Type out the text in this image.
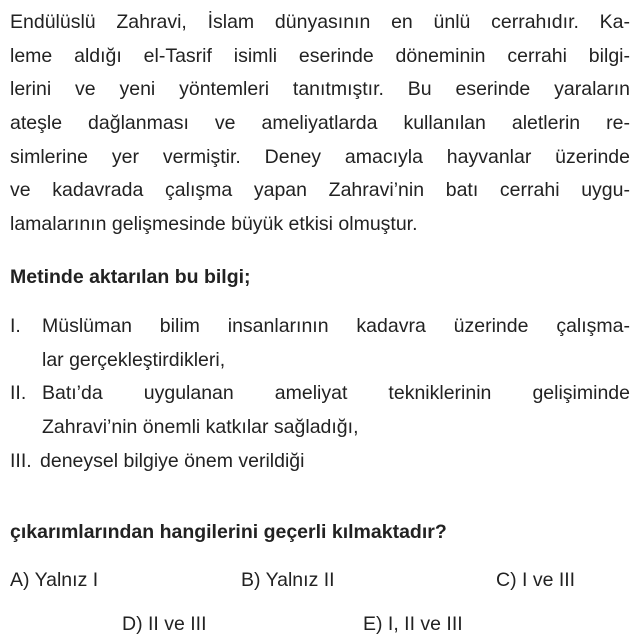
Endülüslü Zahravi, İslam dünyasının en ünlü cerrahıdır. Ka-
leme aldığı el-Tasrif isimli eserinde döneminin cerrahi bilgi-
lerini ve yeni yöntemleri tanıtmıştır. Bu eserinde yaraların
ateşle dağlanması ve ameliyatlarda kullanılan aletlerin re-
simlerine yer vermiştir. Deney amacıyla hayvanlar üzerinde
ve kadavrada çalışma yapan Zahravi’nin batı cerrahi uygu-
lamalarının gelişmesinde büyük etkisi olmuştur.
Metinde aktarılan bu bilgi;
I. Müslüman bilim insanlarının kadavra üzerinde çalışma-
lar gerçekleştirdikleri,
II. Batı’da uygulanan ameliyat tekniklerinin gelişiminde
Zahravi’nin önemli katkılar sağladığı,
III. deneysel bilgiye önem verildiği
çıkarımlarından hangilerini geçerli kılmaktadır?
A) Yalnız I	B) Yalnız II	C) I ve III
D) II ve III	E) I, II ve III
